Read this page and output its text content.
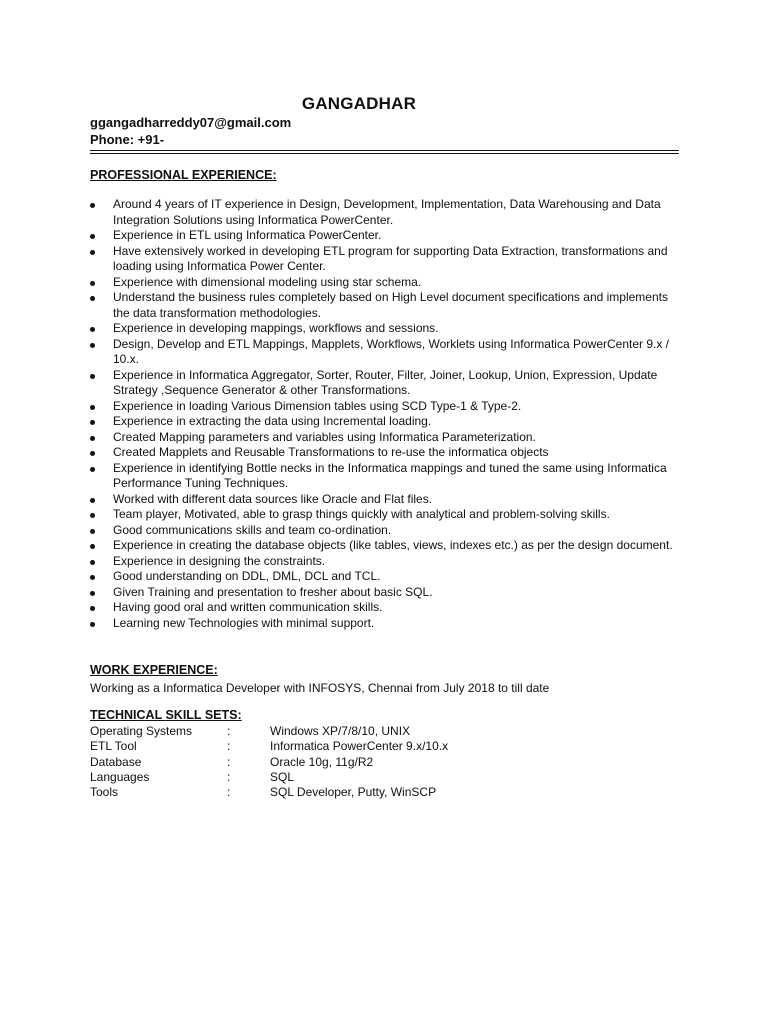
GANGADHAR
ggangadharreddy07@gmail.com
Phone: +91-
PROFESSIONAL EXPERIENCE:
Around 4 years of IT experience in Design, Development, Implementation, Data Warehousing and Data Integration Solutions using Informatica PowerCenter.
Experience in ETL using Informatica PowerCenter.
Have extensively worked in developing ETL program for supporting Data Extraction, transformations and loading using Informatica Power Center.
Experience with dimensional modeling using star schema.
Understand the business rules completely based on High Level document specifications and implements the data transformation methodologies.
Experience in developing mappings, workflows and sessions.
Design, Develop and ETL Mappings, Mapplets, Workflows, Worklets using Informatica PowerCenter 9.x / 10.x.
Experience in Informatica Aggregator, Sorter, Router, Filter, Joiner, Lookup, Union, Expression, Update Strategy ,Sequence Generator & other Transformations.
Experience in loading Various Dimension tables using SCD Type-1 & Type-2.
Experience in extracting the data using Incremental loading.
Created Mapping parameters and variables using Informatica Parameterization.
Created Mapplets and Reusable Transformations to re-use the informatica objects
Experience in identifying Bottle necks in the Informatica mappings and tuned the same using Informatica Performance Tuning Techniques.
Worked with different data sources like Oracle and Flat files.
Team player, Motivated, able to grasp things quickly with analytical and problem-solving skills.
Good communications skills and team co-ordination.
Experience in creating the database objects (like tables, views, indexes etc.) as per the design document.
Experience in designing the constraints.
Good understanding on DDL, DML, DCL and TCL.
Given Training and presentation to fresher about basic SQL.
Having good oral and written communication skills.
Learning new Technologies with minimal support.
WORK EXPERIENCE:
Working as a Informatica Developer with INFOSYS, Chennai from July 2018 to till date
TECHNICAL SKILL SETS:
Operating Systems	:	Windows XP/7/8/10, UNIX
ETL Tool	:	Informatica PowerCenter 9.x/10.x
Database	:	Oracle 10g, 11g/R2
Languages	:	SQL
Tools	:	SQL Developer, Putty, WinSCP
